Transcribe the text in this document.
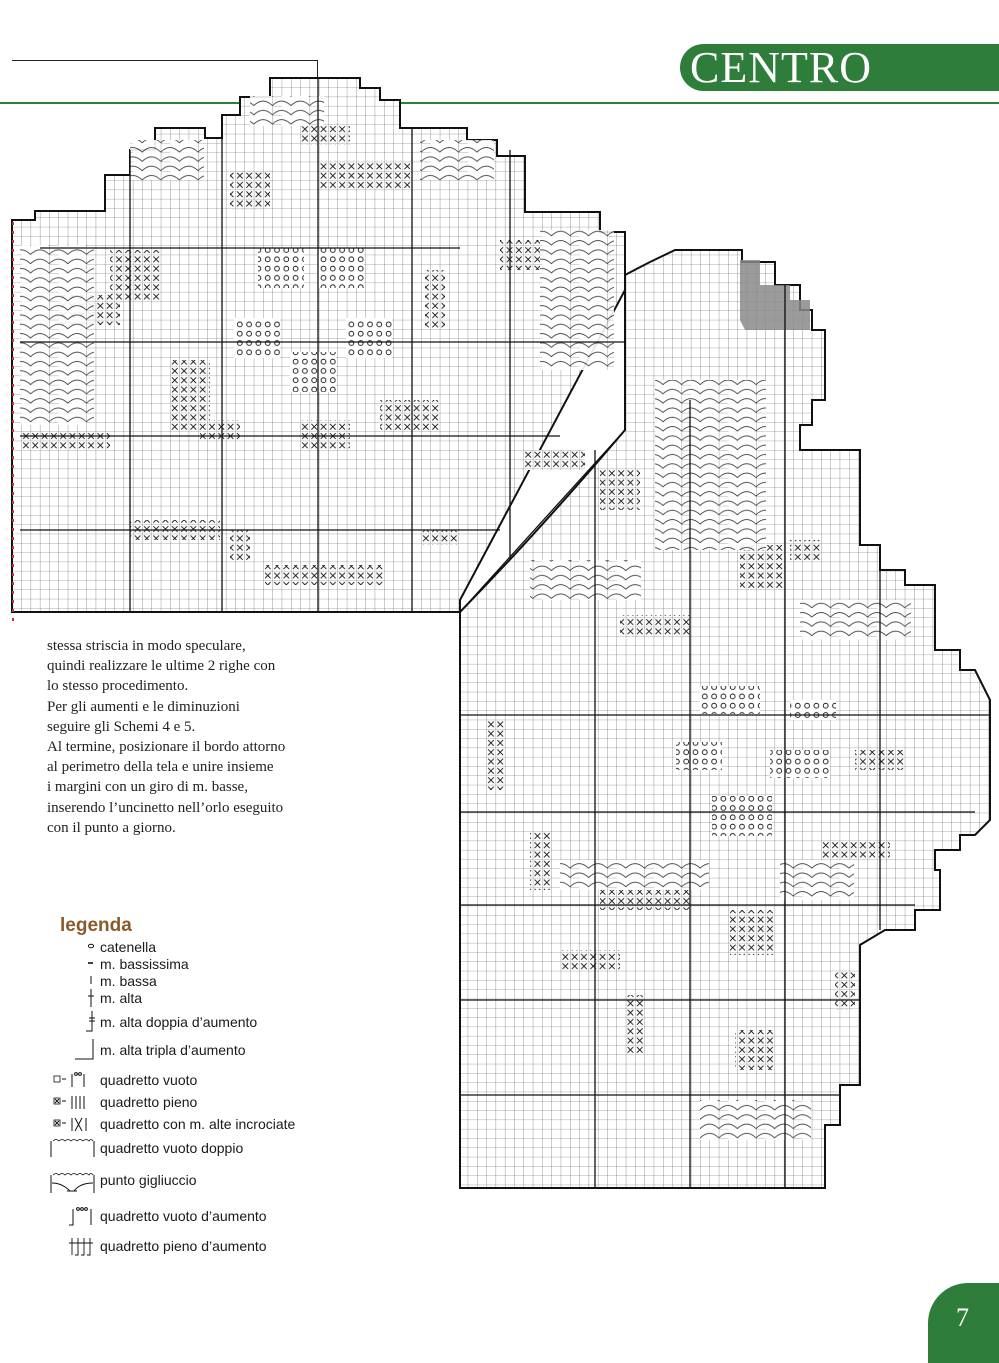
CENTRO

stessa striscia in modo speculare,

quindi realizzare le ultime 2 righe con

lo stesso procedimento.

Per gli aumenti e le diminuzioni

seguire gli Schemi 4 e 5.

Al termine, posizionare il bordo attorno

al perimetro della tela e unire insieme

i margini con un giro di m. basse,

inserendo l’uncinetto nell’orlo eseguito

con il punto a giorno.

legenda
catenella
m. bassissima
m. bassa
m. alta
m. alta doppia d’aumento
m. alta tripla d’aumento
quadretto vuoto
quadretto pieno
quadretto con m. alte incrociate
quadretto vuoto doppio
punto gigliuccio
quadretto vuoto d’aumento
quadretto pieno d’aumento
7
